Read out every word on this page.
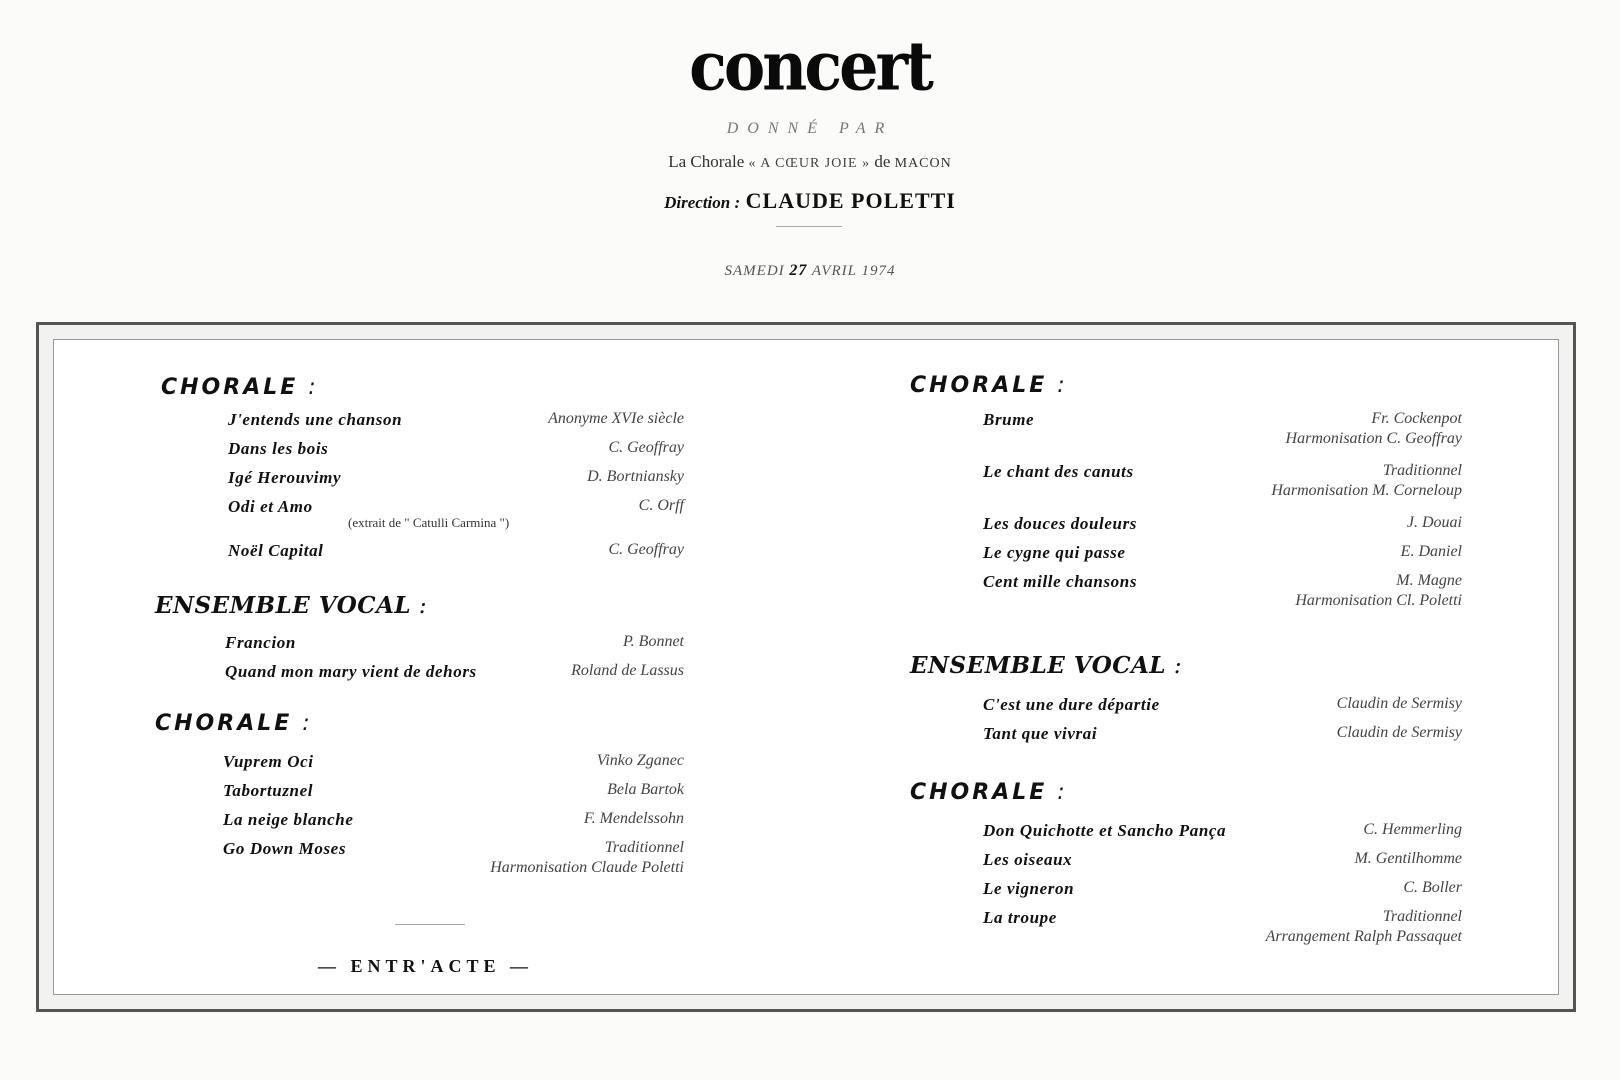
concert
DONNÉ PAR
La Chorale « A CŒUR JOIE » de MACON
Direction : CLAUDE POLETTI
SAMEDI 27 AVRIL 1974
CHORALE :
J'entends une chanson	Anonyme XVIe siècle
Dans les bois	C. Geoffray
Igé Herouvimy	D. Bortniansky
Odi et Amo	C. Orff
(extrait de " Catulli Carmina ")
Noël Capital	C. Geoffray
ENSEMBLE VOCAL :
Francion	P. Bonnet
Quand mon mary vient de dehors	Roland de Lassus
CHORALE :
Vuprem Oci	Vinko Zganec
Tabortuznel	Bela Bartok
La neige blanche	F. Mendelssohn
Go Down Moses	Traditionnel
Harmonisation Claude Poletti
— ENTR'ACTE —
CHORALE :
Brume	Fr. Cockenpot
Harmonisation C. Geoffray
Le chant des canuts	Traditionnel
Harmonisation M. Corneloup
Les douces douleurs	J. Douai
Le cygne qui passe	E. Daniel
Cent mille chansons	M. Magne
Harmonisation Cl. Poletti
ENSEMBLE VOCAL :
C'est une dure départie	Claudin de Sermisy
Tant que vivrai	Claudin de Sermisy
CHORALE :
Don Quichotte et Sancho Pança	C. Hemmerling
Les oiseaux	M. Gentilhomme
Le vigneron	C. Boller
La troupe	Traditionnel
Arrangement Ralph Passaquet
